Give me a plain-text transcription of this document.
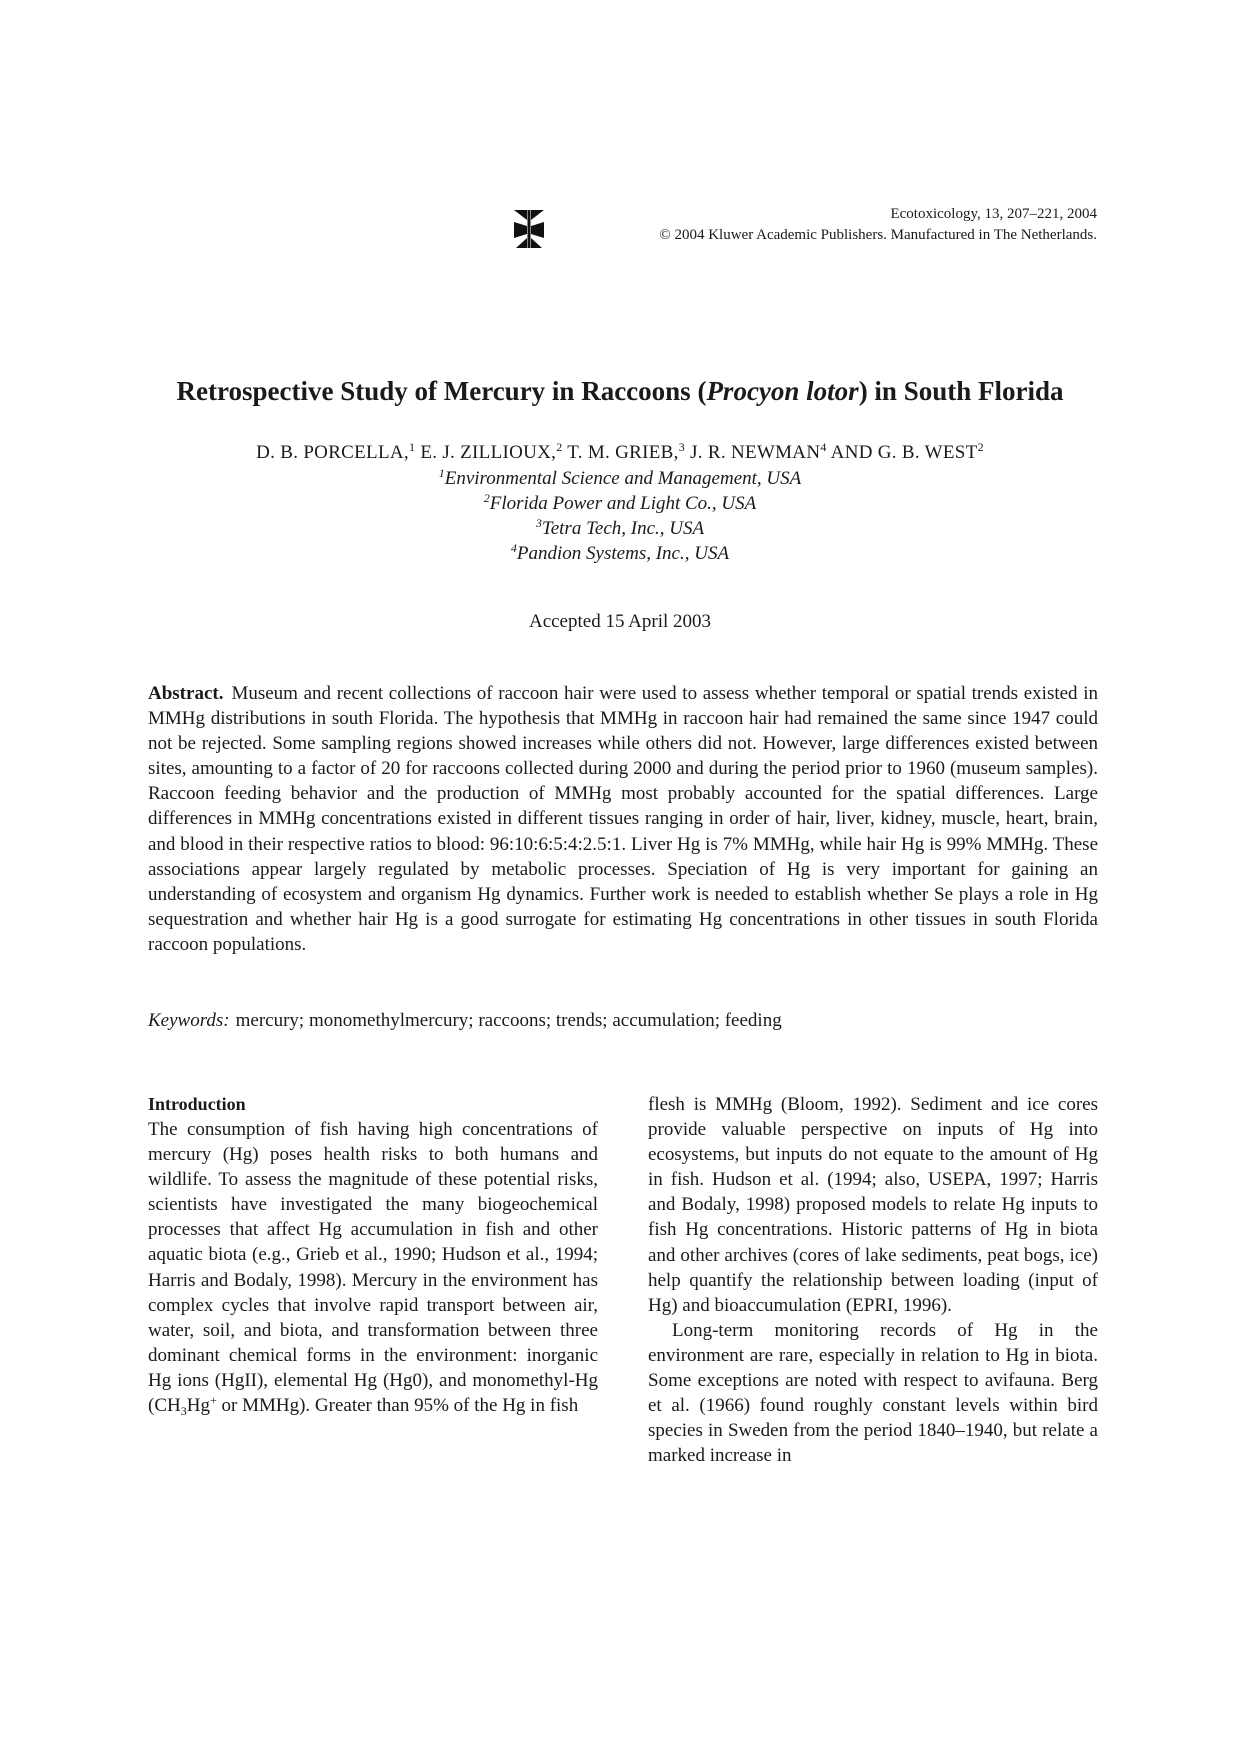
Ecotoxicology, 13, 207–221, 2004
© 2004 Kluwer Academic Publishers. Manufactured in The Netherlands.
Retrospective Study of Mercury in Raccoons (Procyon lotor) in South Florida
D. B. PORCELLA,$^1$ E. J. ZILLIOUX,$^2$ T. M. GRIEB,$^3$ J. R. NEWMAN$^4$ AND G. B. WEST$^2$
$^1$Environmental Science and Management, USA
$^2$Florida Power and Light Co., USA
$^3$Tetra Tech, Inc., USA
$^4$Pandion Systems, Inc., USA
Accepted 15 April 2003
Abstract. Museum and recent collections of raccoon hair were used to assess whether temporal or spatial trends existed in MMHg distributions in south Florida. The hypothesis that MMHg in raccoon hair had remained the same since 1947 could not be rejected. Some sampling regions showed increases while others did not. However, large differences existed between sites, amounting to a factor of 20 for raccoons collected during 2000 and during the period prior to 1960 (museum samples). Raccoon feeding behavior and the production of MMHg most probably accounted for the spatial differences. Large differences in MMHg concentrations existed in different tissues ranging in order of hair, liver, kidney, muscle, heart, brain, and blood in their respective ratios to blood: 96:10:6:5:4:2.5:1. Liver Hg is 7% MMHg, while hair Hg is 99% MMHg. These associations appear largely regulated by metabolic processes. Speciation of Hg is very important for gaining an understanding of ecosystem and organism Hg dynamics. Further work is needed to establish whether Se plays a role in Hg sequestration and whether hair Hg is a good surrogate for estimating Hg concentrations in other tissues in south Florida raccoon populations.
Keywords: mercury; monomethylmercury; raccoons; trends; accumulation; feeding

Introduction

The consumption of fish having high concentrations of mercury (Hg) poses health risks to both humans and wildlife. To assess the magnitude of these potential risks, scientists have investigated the many biogeochemical processes that affect Hg accumulation in fish and other aquatic biota (e.g., Grieb et al., 1990; Hudson et al., 1994; Harris and Bodaly, 1998). Mercury in the environment has complex cycles that involve rapid transport between air, water, soil, and biota, and transformation between three dominant chemical forms in the environment: inorganic Hg ions (HgII), elemental Hg (Hg0), and monomethyl-Hg ($CH_3Hg^+$ or MMHg). Greater than 95% of the Hg in fish

flesh is MMHg (Bloom, 1992). Sediment and ice cores provide valuable perspective on inputs of Hg into ecosystems, but inputs do not equate to the amount of Hg in fish. Hudson et al. (1994; also, USEPA, 1997; Harris and Bodaly, 1998) proposed models to relate Hg inputs to fish Hg concentrations. Historic patterns of Hg in biota and other archives (cores of lake sediments, peat bogs, ice) help quantify the relationship between loading (input of Hg) and bioaccumulation (EPRI, 1996).

Long-term monitoring records of Hg in the environment are rare, especially in relation to Hg in biota. Some exceptions are noted with respect to avifauna. Berg et al. (1966) found roughly constant levels within bird species in Sweden from the period 1840–1940, but relate a marked increase in
